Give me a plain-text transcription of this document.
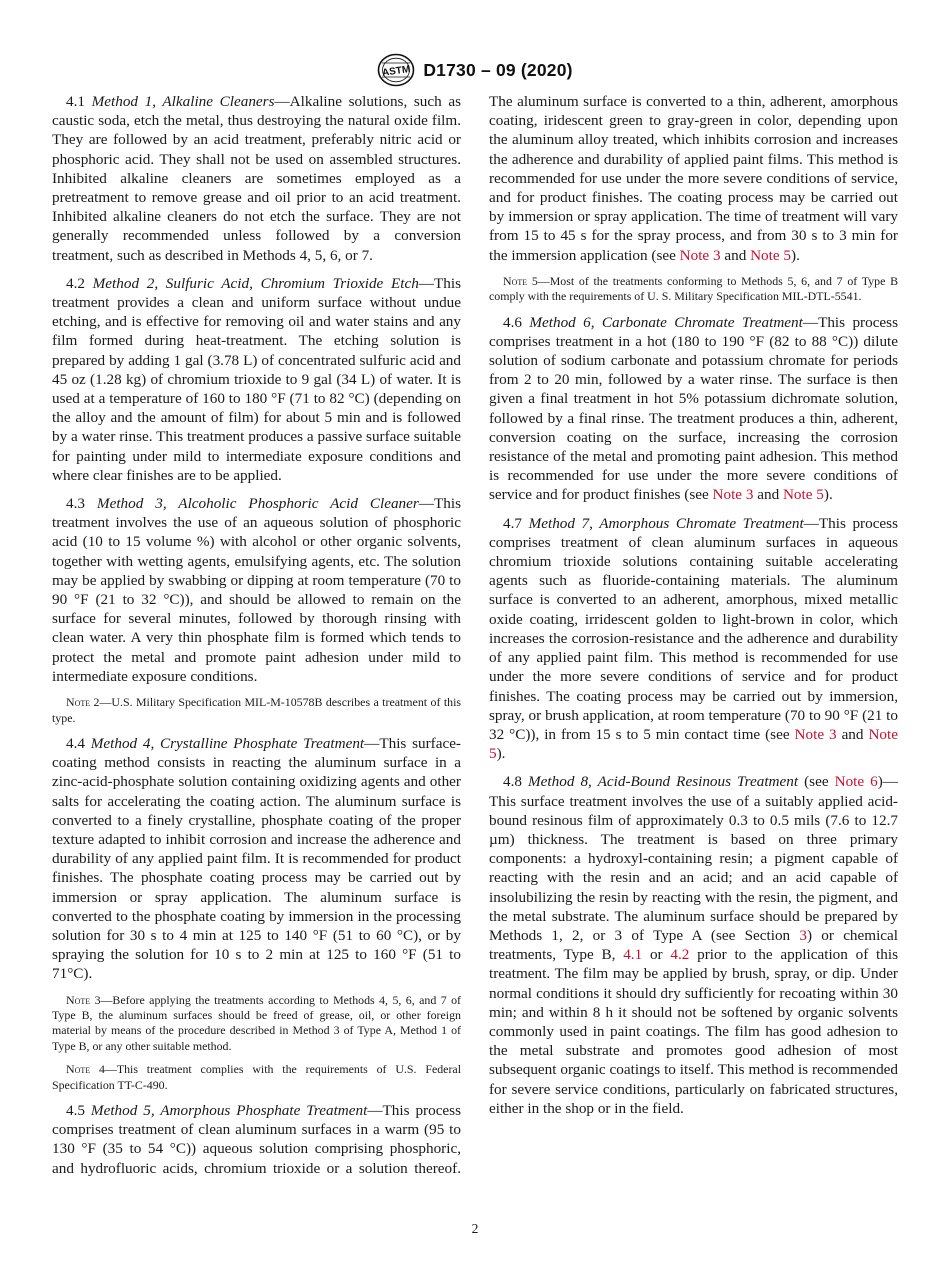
ASTM D1730 – 09 (2020)

4.1 Method 1, Alkaline Cleaners—Alkaline solutions, such as caustic soda, etch the metal, thus destroying the natural oxide film. They are followed by an acid treatment, preferably nitric acid or phosphoric acid. They shall not be used on assembled structures. Inhibited alkaline cleaners are sometimes employed as a pretreatment to remove grease and oil prior to an acid treatment. Inhibited alkaline cleaners do not etch the surface. They are not generally recommended unless followed by a conversion treatment, such as described in Methods 4, 5, 6, or 7.

4.2 Method 2, Sulfuric Acid, Chromium Trioxide Etch—This treatment provides a clean and uniform surface without undue etching, and is effective for removing oil and water stains and any film formed during heat-treatment. The etching solution is prepared by adding 1 gal (3.78 L) of concentrated sulfuric acid and 45 oz (1.28 kg) of chromium trioxide to 9 gal (34 L) of water. It is used at a temperature of 160 to 180 °F (71 to 82 °C) (depending on the alloy and the amount of film) for about 5 min and is followed by a water rinse. This treatment produces a passive surface suitable for painting under mild to intermediate exposure conditions and where clear finishes are to be applied.

4.3 Method 3, Alcoholic Phosphoric Acid Cleaner—This treatment involves the use of an aqueous solution of phosphoric acid (10 to 15 volume %) with alcohol or other organic solvents, together with wetting agents, emulsifying agents, etc. The solution may be applied by swabbing or dipping at room temperature (70 to 90 °F (21 to 32 °C)), and should be allowed to remain on the surface for several minutes, followed by thorough rinsing with clean water. A very thin phosphate film is formed which tends to protect the metal and promote paint adhesion under mild to intermediate exposure conditions.

Note 2—U.S. Military Specification MIL-M-10578B describes a treatment of this type.

4.4 Method 4, Crystalline Phosphate Treatment—This surface-coating method consists in reacting the aluminum surface in a zinc-acid-phosphate solution containing oxidizing agents and other salts for accelerating the coating action. The aluminum surface is converted to a finely crystalline, phosphate coating of the proper texture adapted to inhibit corrosion and increase the adherence and durability of any applied paint film. It is recommended for product finishes. The phosphate coating process may be carried out by immersion or spray application. The aluminum surface is converted to the phosphate coating by immersion in the processing solution for 30 s to 4 min at 125 to 140 °F (51 to 60 °C), or by spraying the solution for 10 s to 2 min at 125 to 160 °F (51 to 71°C).

Note 3—Before applying the treatments according to Methods 4, 5, 6, and 7 of Type B, the aluminum surfaces should be freed of grease, oil, or other foreign material by means of the procedure described in Method 3 of Type A, Method 1 of Type B, or any other suitable method.

Note 4—This treatment complies with the requirements of U.S. Federal Specification TT-C-490.

4.5 Method 5, Amorphous Phosphate Treatment—This process comprises treatment of clean aluminum surfaces in a warm (95 to 130 °F (35 to 54 °C)) aqueous solution comprising phosphoric, and hydrofluoric acids, chromium trioxide or a solution thereof.

The aluminum surface is converted to a thin, adherent, amorphous coating, iridescent green to gray-green in color, depending upon the aluminum alloy treated, which inhibits corrosion and increases the adherence and durability of applied paint films. This method is recommended for use under the more severe conditions of service, and for product finishes. The coating process may be carried out by immersion or spray application. The time of treatment will vary from 15 to 45 s for the spray process, and from 30 s to 3 min for the immersion application (see Note 3 and Note 5).

Note 5—Most of the treatments conforming to Methods 5, 6, and 7 of Type B comply with the requirements of U. S. Military Specification MIL-DTL-5541.

4.6 Method 6, Carbonate Chromate Treatment—This process comprises treatment in a hot (180 to 190 °F (82 to 88 °C)) dilute solution of sodium carbonate and potassium chromate for periods from 2 to 20 min, followed by a water rinse. The surface is then given a final treatment in hot 5% potassium dichromate solution, followed by a final rinse. The treatment produces a thin, adherent, conversion coating on the surface, increasing the corrosion resistance of the metal and promoting paint adhesion. This method is recommended for use under the more severe conditions of service and for product finishes (see Note 3 and Note 5).

4.7 Method 7, Amorphous Chromate Treatment—This process comprises treatment of clean aluminum surfaces in aqueous chromium trioxide solutions containing suitable accelerating agents such as fluoride-containing materials. The aluminum surface is converted to an adherent, amorphous, mixed metallic oxide coating, irridescent golden to light-brown in color, which increases the corrosion-resistance and the adherence and durability of any applied paint film. This method is recommended for use under the more severe conditions of service and for product finishes. The coating process may be carried out by immersion, spray, or brush application, at room temperature (70 to 90 °F (21 to 32 °C)), in from 15 s to 5 min contact time (see Note 3 and Note 5).

4.8 Method 8, Acid-Bound Resinous Treatment (see Note 6)—This surface treatment involves the use of a suitably applied acid-bound resinous film of approximately 0.3 to 0.5 mils (7.6 to 12.7 µm) thickness. The treatment is based on three primary components: a hydroxyl-containing resin; a pigment capable of reacting with the resin and an acid; and an acid capable of insolubilizing the resin by reacting with the resin, the pigment, and the metal substrate. The aluminum surface should be prepared by Methods 1, 2, or 3 of Type A (see Section 3) or chemical treatments, Type B, 4.1 or 4.2 prior to the application of this treatment. The film may be applied by brush, spray, or dip. Under normal conditions it should dry sufficiently for recoating within 30 min; and within 8 h it should not be softened by organic solvents commonly used in paint coatings. The film has good adhesion to the metal substrate and promotes good adhesion of most subsequent organic coatings to itself. This method is recommended for severe service conditions, particularly on fabricated structures, either in the shop or in the field.

2
